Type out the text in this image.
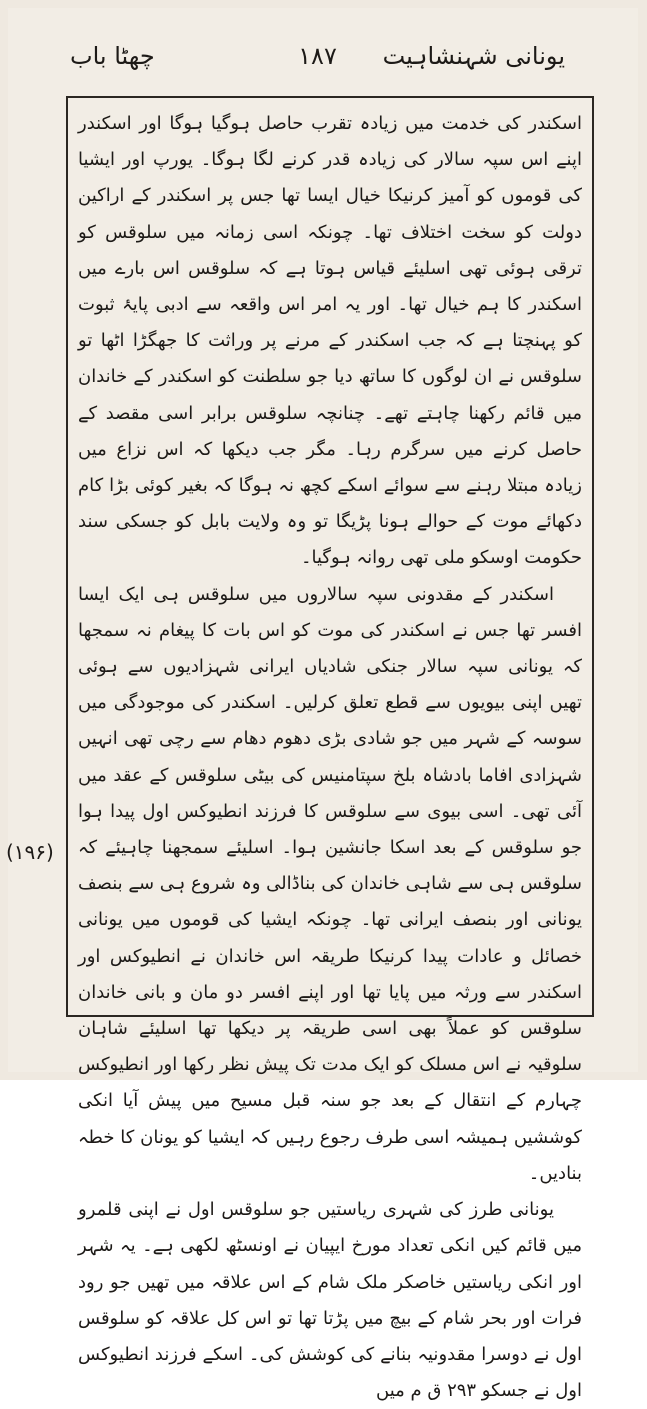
یونانی شہنشاہیت
۱۸۷
چھٹا باب

اسکندر کی خدمت میں زیادہ تقرب حاصل ہوگیا ہوگا اور اسکندر اپنے اس سپہ سالار کی زیادہ قدر کرنے لگا ہوگا۔ یورپ اور ایشیا کی قوموں کو آمیز کرنیکا خیال ایسا تھا جس پر اسکندر کے اراکین دولت کو سخت اختلاف تھا۔ چونکہ اسی زمانہ میں سلوقس کو ترقی ہوئی تھی اسلیئے قیاس ہوتا ہے کہ سلوقس اس بارے میں اسکندر کا ہم خیال تھا۔ اور یہ امر اس واقعہ سے ادبی پایۂ ثبوت کو پہنچتا ہے کہ جب اسکندر کے مرنے پر وراثت کا جھگڑا اٹھا تو سلوقس نے ان لوگوں کا ساتھ دیا جو سلطنت کو اسکندر کے خاندان میں قائم رکھنا چاہتے تھے۔ چنانچہ سلوقس برابر اسی مقصد کے حاصل کرنے میں سرگرم رہا۔ مگر جب دیکھا کہ اس نزاع میں زیادہ مبتلا رہنے سے سوائے اسکے کچھ نہ ہوگا کہ بغیر کوئی بڑا کام دکھائے موت کے حوالے ہونا پڑیگا تو وہ ولایت بابل کو جسکی سند حکومت اوسکو ملی تھی روانہ ہوگیا۔

اسکندر کے مقدونی سپہ سالاروں میں سلوقس ہی ایک ایسا افسر تھا جس نے اسکندر کی موت کو اس بات کا پیغام نہ سمجھا کہ یونانی سپہ سالار جنکی شادیاں ایرانی شہزادیوں سے ہوئی تھیں اپنی بیویوں سے قطع تعلق کرلیں۔ اسکندر کی موجودگی میں سوسہ کے شہر میں جو شادی بڑی دھوم دھام سے رچی تھی انہیں شہزادی افاما بادشاہ بلخ سپتامنیس کی بیٹی سلوقس کے عقد میں آئی تھی۔ اسی بیوی سے سلوقس کا فرزند انطیوکس اول پیدا ہوا جو سلوقس کے بعد اسکا جانشین ہوا۔ اسلیئے سمجھنا چاہیئے کہ سلوقس ہی سے شاہی خاندان کی بناڈالی وہ شروع ہی سے بنصف یونانی اور بنصف ایرانی تھا۔ چونکہ ایشیا کی قوموں میں یونانی خصائل و عادات پیدا کرنیکا طریقہ اس خاندان نے انطیوکس اور اسکندر سے ورثہ میں پایا تھا اور اپنے افسر دو مان و بانی خاندان سلوقس کو عملاً بھی اسی طریقہ پر دیکھا تھا اسلیئے شاہان سلوقیہ نے اس مسلک کو ایک مدت تک پیش نظر رکھا اور انطیوکس چہارم کے انتقال کے بعد جو سنہ قبل مسیح میں پیش آیا انکی کوششیں ہمیشہ اسی طرف رجوع رہیں کہ ایشیا کو یونان کا خطہ بنادیں۔

یونانی طرز کی شہری ریاستیں جو سلوقس اول نے اپنی قلمرو میں قائم کیں انکی تعداد مورخ ایپیان نے اونسٹھ لکھی ہے۔ یہ شہر اور انکی ریاستیں خاصکر ملک شام کے اس علاقہ میں تھیں جو رود فرات اور بحر شام کے بیچ میں پڑتا تھا تو اس کل علاقہ کو سلوقس اول نے دوسرا مقدونیہ بنانے کی کوشش کی۔ اسکے فرزند انطیوکس اول نے جسکو ۲۹۳ ق م میں

(۱۹۶)
